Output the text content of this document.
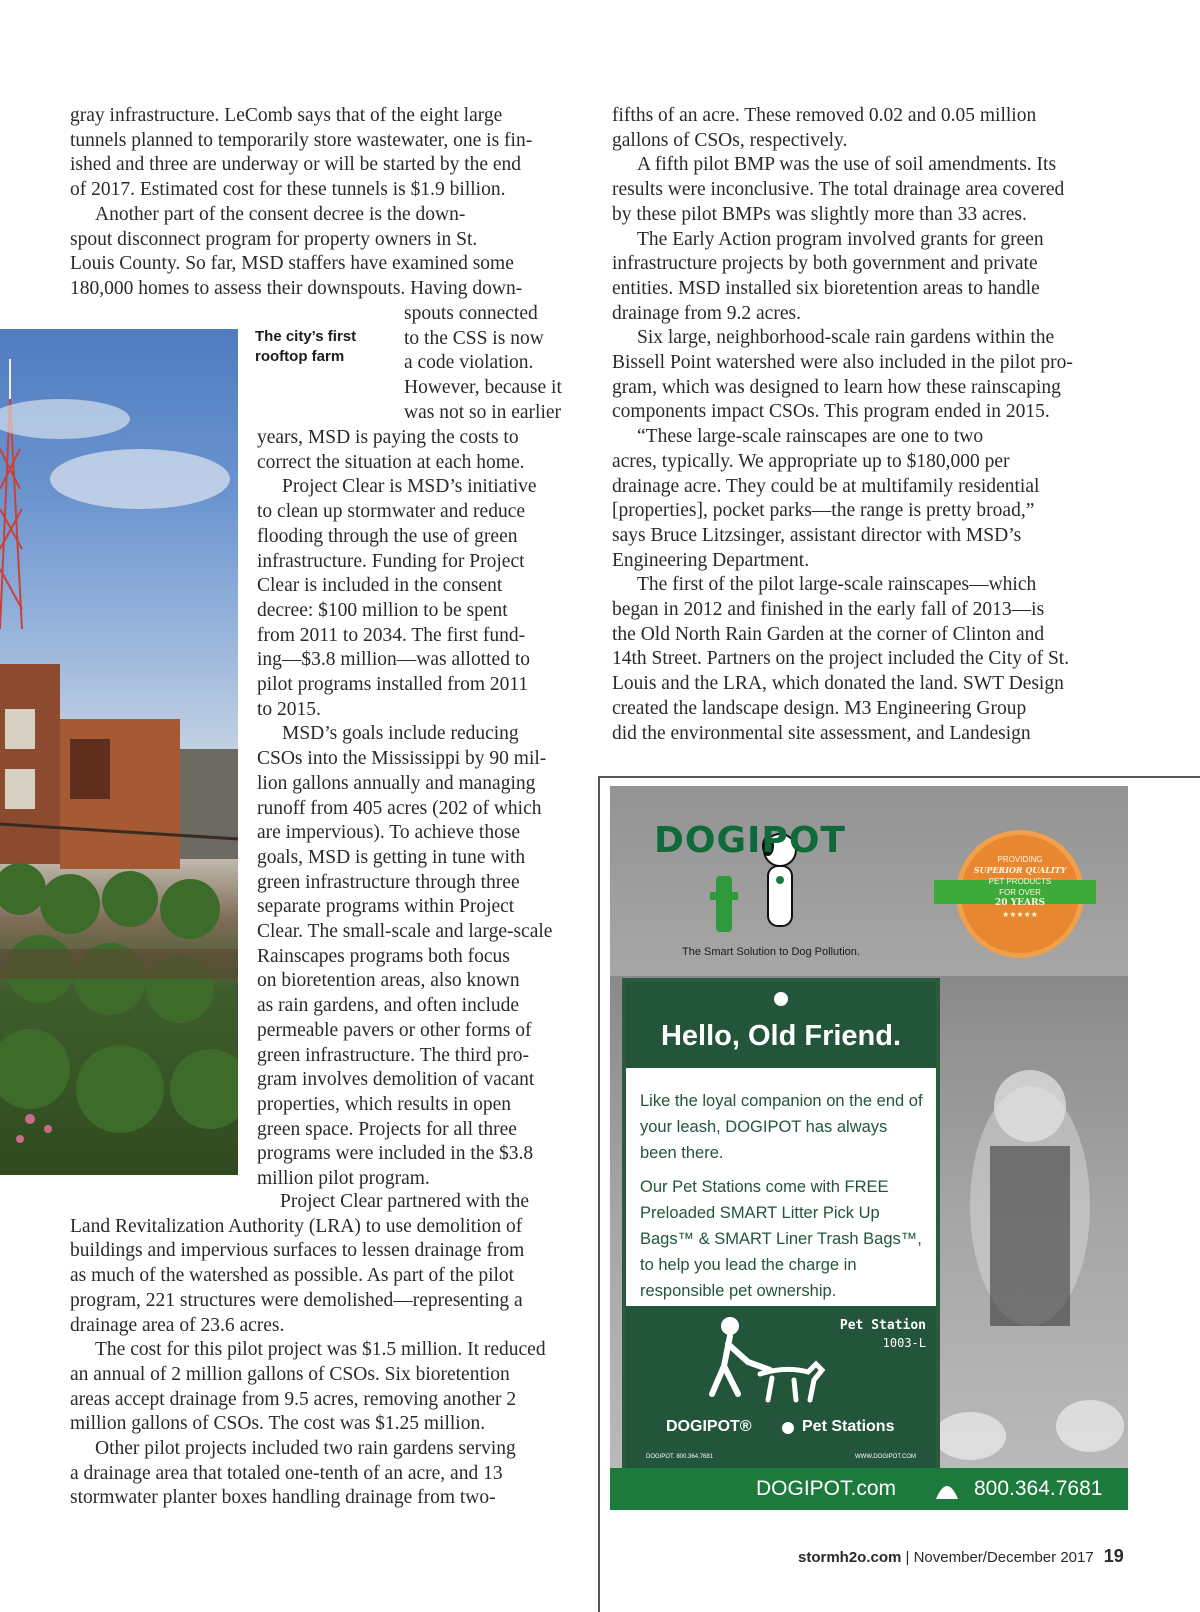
gray infrastructure. LeComb says that of the eight large
tunnels planned to temporarily store wastewater, one is fin-
ished and three are underway or will be started by the end
of 2017. Estimated cost for these tunnels is $1.9 billion.

Another part of the consent decree is the down-
spout disconnect program for property owners in St.
Louis County. So far, MSD staffers have examined some
180,000 homes to assess their downspouts. Having down-

spouts connected
to the CSS is now
a code violation.
However, because it
was not so in earlier

years, MSD is paying the costs to
correct the situation at each home.

Project Clear is MSD’s initiative
to clean up stormwater and reduce
flooding through the use of green
infrastructure. Funding for Project
Clear is included in the consent
decree: $100 million to be spent
from 2011 to 2034. The first fund-
ing—$3.8 million—was allotted to
pilot programs installed from 2011
to 2015.

MSD’s goals include reducing
CSOs into the Mississippi by 90 mil-
lion gallons annually and managing
runoff from 405 acres (202 of which
are impervious). To achieve those
goals, MSD is getting in tune with
green infrastructure through three
separate programs within Project
Clear. The small-scale and large-scale
Rainscapes programs both focus
on bioretention areas, also known
as rain gardens, and often include
permeable pavers or other forms of
green infrastructure. The third pro-
gram involves demolition of vacant
properties, which results in open
green space. Projects for all three
programs were included in the $3.8
million pilot program.

Project Clear partnered with the

Land Revitalization Authority (LRA) to use demolition of
buildings and impervious surfaces to lessen drainage from
as much of the watershed as possible. As part of the pilot
program, 221 structures were demolished—representing a
drainage area of 23.6 acres.

The cost for this pilot project was $1.5 million. It reduced
an annual of 2 million gallons of CSOs. Six bioretention
areas accept drainage from 9.5 acres, removing another 2
million gallons of CSOs. The cost was $1.25 million.

Other pilot projects included two rain gardens serving
a drainage area that totaled one-tenth of an acre, and 13
stormwater planter boxes handling drainage from two-

The city’s first
rooftop farm

fifths of an acre. These removed 0.02 and 0.05 million
gallons of CSOs, respectively.

A fifth pilot BMP was the use of soil amendments. Its
results were inconclusive. The total drainage area covered
by these pilot BMPs was slightly more than 33 acres.

The Early Action program involved grants for green
infrastructure projects by both government and private
entities. MSD installed six bioretention areas to handle
drainage from 9.2 acres.

Six large, neighborhood-scale rain gardens within the
Bissell Point watershed were also included in the pilot pro-
gram, which was designed to learn how these rainscaping
components impact CSOs. This program ended in 2015.

“These large-scale rainscapes are one to two
acres, typically. We appropriate up to $180,000 per
drainage acre. They could be at multifamily residential
[properties], pocket parks—the range is pretty broad,”
says Bruce Litzsinger, assistant director with MSD’s
Engineering Department.

The first of the pilot large-scale rainscapes—which
began in 2012 and finished in the early fall of 2013—is
the Old North Rain Garden at the corner of Clinton and
14th Street. Partners on the project included the City of St.
Louis and the LRA, which donated the land. SWT Design
created the landscape design. M3 Engineering Group
did the environmental site assessment, and Landesign

DOGIPOT
The Smart Solution to Dog Pollution.
PROVIDING
SUPERIOR QUALITY
PET PRODUCTS
FOR OVER
20 YEARS
★★★★★
Hello, Old Friend.

Like the loyal companion on the end of your leash, DOGIPOT has always been there.

Our Pet Stations come with FREE Preloaded SMART Litter Pick Up Bags™ & SMART Liner Trash Bags™, to help you lead the charge in responsible pet ownership.

Pet Station
1003-L
DOGIPOT®	Pet Stations
DOGIPOT. 800.364.7681	WWW.DOGIPOT.COM
DOGIPOT.com	800.364.7681
stormh2o.com | November/December 2017 19
